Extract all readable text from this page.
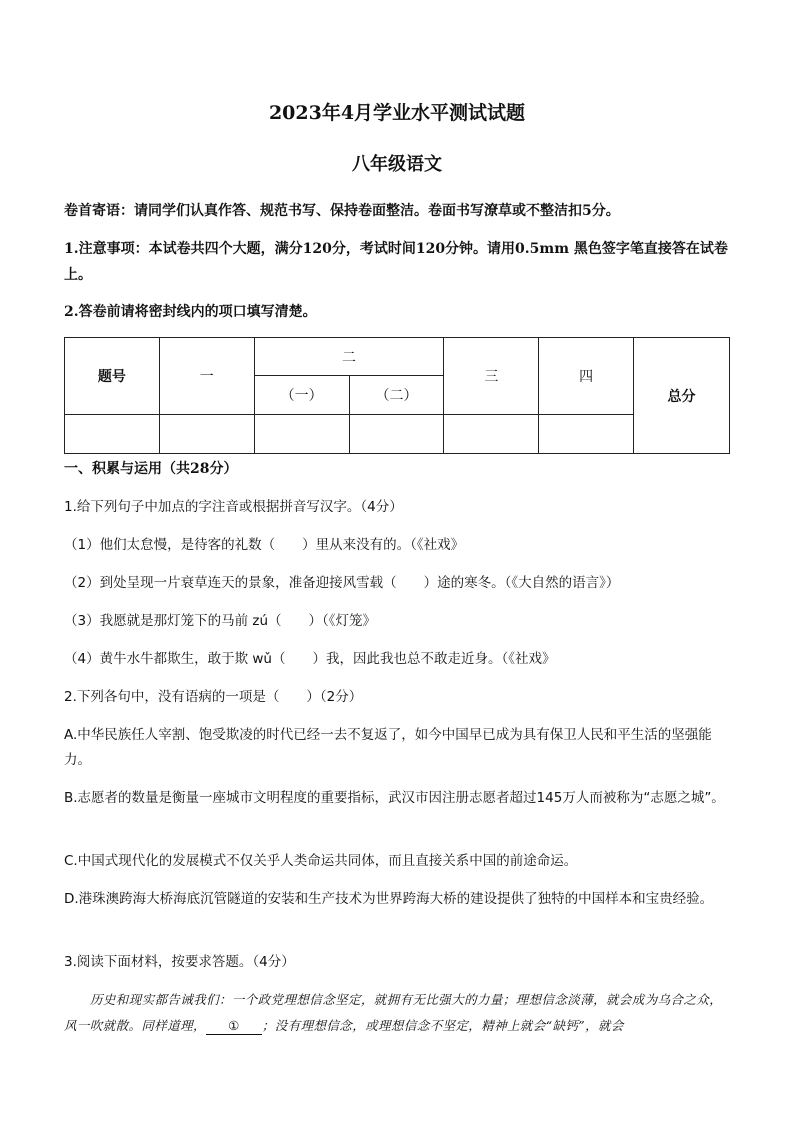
2023年4月学业水平测试试题
八年级语文
卷首寄语：请同学们认真作答、规范书写、保持卷面整洁。卷面书写潦草或不整洁扣5分。
1.注意事项：本试卷共四个大题，满分120分，考试时间120分钟。请用0.5mm 黑色签字笔直接答在试卷上。
2.答卷前请将密封线内的项口填写清楚。
题号	一	二		三	四	总分
		（一）	（二）			

一、积累与运用（共28分）
1.给下列句子中加点的字注音或根据拼音写汉字。（4分）
（1）他们太怠慢，是待客的礼数（　　）里从来没有的。（《社戏》
（2）到处呈现一片衰草连天的景象，准备迎接风雪载（　　）途的寒冬。（《大自然的语言》）
（3）我愿就是那灯笼下的马前 zú（　　）（《灯笼》
（4）黄牛水牛都欺生，敢于欺 wǔ（　　）我，因此我也总不敢走近身。（《社戏》
2.下列各句中，没有语病的一项是（　　）（2分）
A.中华民族任人宰割、饱受欺凌的时代已经一去不复返了，如今中国早已成为具有保卫人民和平生活的坚强能力。
B.志愿者的数量是衡量一座城市文明程度的重要指标，武汉市因注册志愿者超过145万人而被称为“志愿之城”。
C.中国式现代化的发展模式不仅关乎人类命运共同体，而且直接关系中国的前途命运。
D.港珠澳跨海大桥海底沉管隧道的安装和生产技术为世界跨海大桥的建设提供了独特的中国样本和宝贵经验。
3.阅读下面材料，按要求答题。（4分）
历史和现实都告诫我们：一个政党理想信念坚定，就拥有无比强大的力量；理想信念淡薄，就会成为乌合之众，风一吹就散。同样道理， ① ；没有理想信念，或理想信念不坚定，精神上就会“缺钙”，就会
